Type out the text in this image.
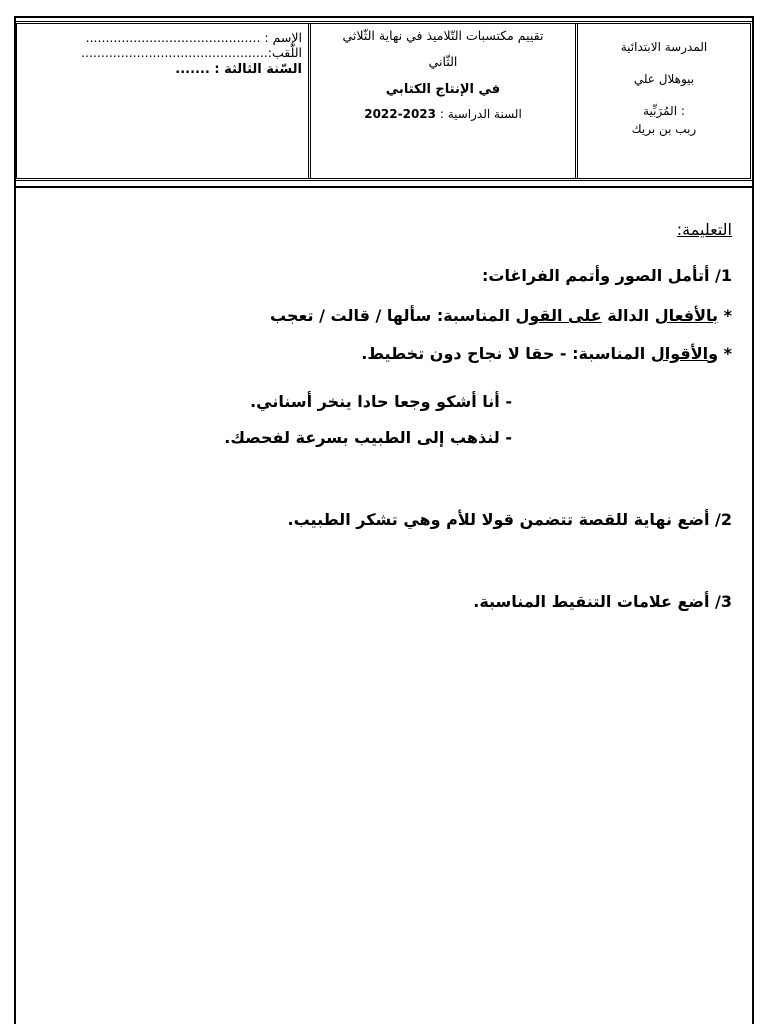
المدرسة الابتدائية
بيوهلال علي
: المُرَبِّية
ربب بن بريك
تقييم مكتسبات التّلاميذ في نهاية الثّلاثي
الثّاني
في الإنتاج الكتابي
السنة الدراسية : 2023-2022
الإسم : ............................................
اللّقب:...............................................
السّنة الثالثة : .......
التعليمة:
1/ أتأمل الصور وأتمم الفراغات:
* بالأفعال الدالة على القول المناسبة: سألها / قالت / تعجب
* والأقوال المناسبة: - حقا لا نجاح دون تخطيط.
- أنا أشكو وجعا حادا ينخر أسناني.
- لنذهب إلى الطبيب بسرعة لفحصك.
2/ أضع نهاية للقصة تتضمن قولا للأم وهي تشكر الطبيب.
3/ أضع علامات التنقيط المناسبة.
